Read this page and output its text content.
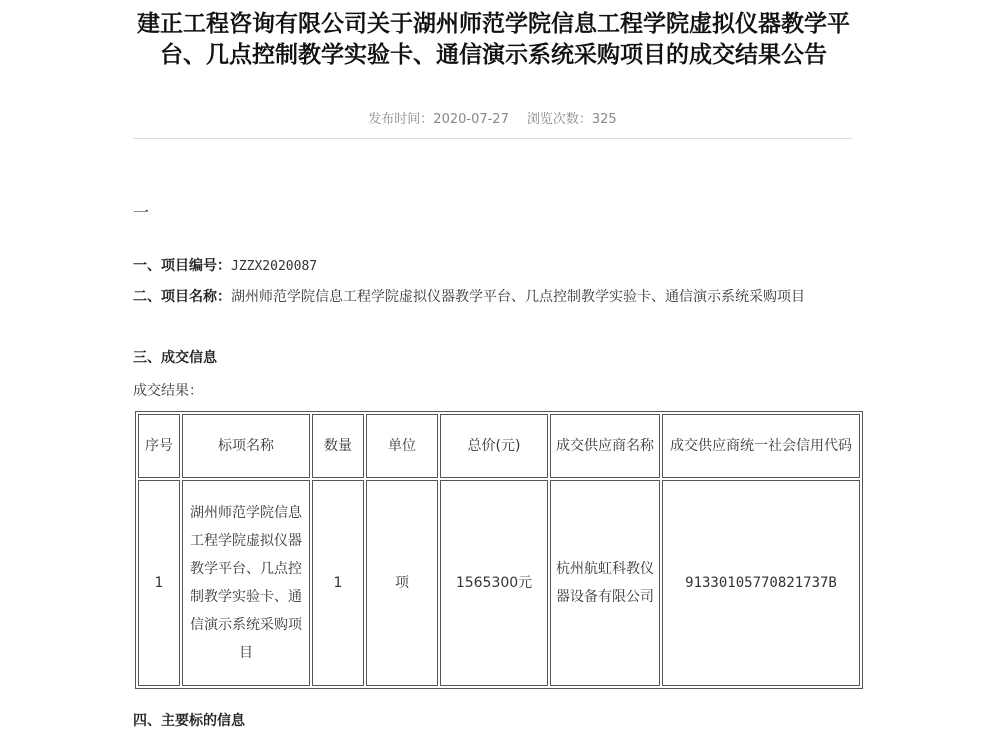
建正工程咨询有限公司关于湖州师范学院信息工程学院虚拟仪器教学平台、几点控制教学实验卡、通信演示系统采购项目的成交结果公告
发布时间：2020-07-27 浏览次数：325
一
一、项目编号：JZZX2020087
二、项目名称：湖州师范学院信息工程学院虚拟仪器教学平台、几点控制教学实验卡、通信演示系统采购项目
三、成交信息
成交结果：
序号	标项名称	数量	单位	总价(元)	成交供应商名称	成交供应商统一社会信用代码
1	湖州师范学院信息工程学院虚拟仪器教学平台、几点控制教学实验卡、通信演示系统采购项目	1	项	1565300元	杭州航虹科教仪器设备有限公司	91330105770821737B
四、主要标的信息
